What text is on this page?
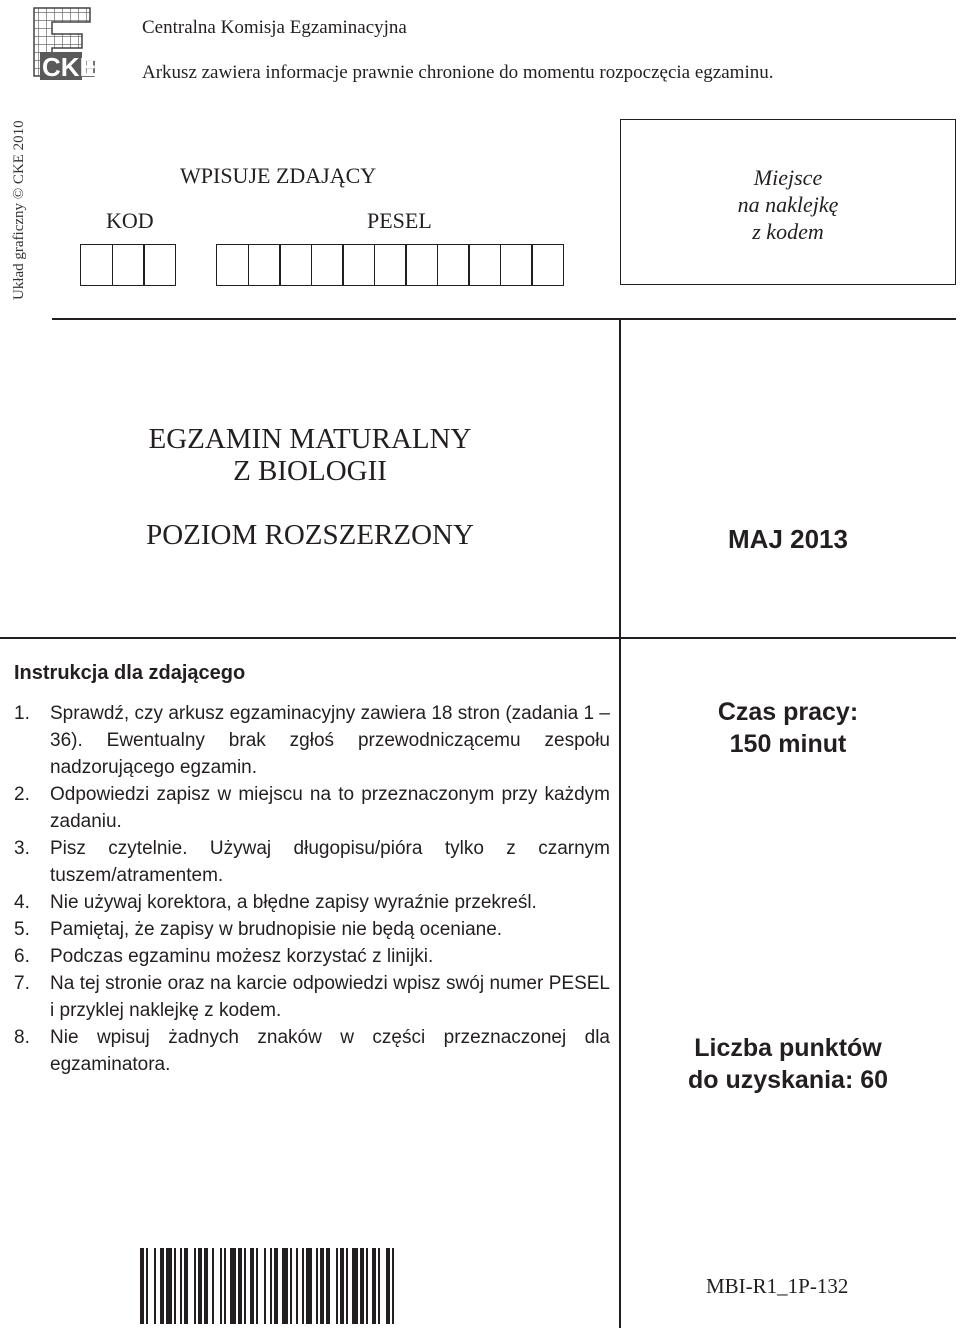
CKE
Centralna Komisja Egzaminacyjna
Arkusz zawiera informacje prawnie chronione do momentu rozpoczęcia egzaminu.
Układ graficzny © CKE 2010	WPISUJE ZDAJĄCY
KOD	PESEL
Miejsce
na naklejkę
z kodem
EGZAMIN MATURALNY
Z BIOLOGII
POZIOM ROZSZERZONY	MAJ 2013
Instrukcja dla zdającego
1.	Sprawdź, czy arkusz egzaminacyjny zawiera 18 stron (zadania 1 – 36). Ewentualny brak zgłoś przewodniczącemu zespołu nadzorującego egzamin.
2.	Odpowiedzi zapisz w miejscu na to przeznaczonym przy każdym zadaniu.
3.	Pisz czytelnie. Używaj długopisu/pióra tylko z czarnym tuszem/atramentem.
4.	Nie używaj korektora, a błędne zapisy wyraźnie przekreśl.
5.	Pamiętaj, że zapisy w brudnopisie nie będą oceniane.
6.	Podczas egzaminu możesz korzystać z linijki.
7.	Na tej stronie oraz na karcie odpowiedzi wpisz swój numer PESEL i przyklej naklejkę z kodem.
8.	Nie wpisuj żadnych znaków w części przeznaczonej dla egzaminatora.
Czas pracy:
150 minut
Liczba punktów
do uzyskania: 60
MBI-R1_1P-132
